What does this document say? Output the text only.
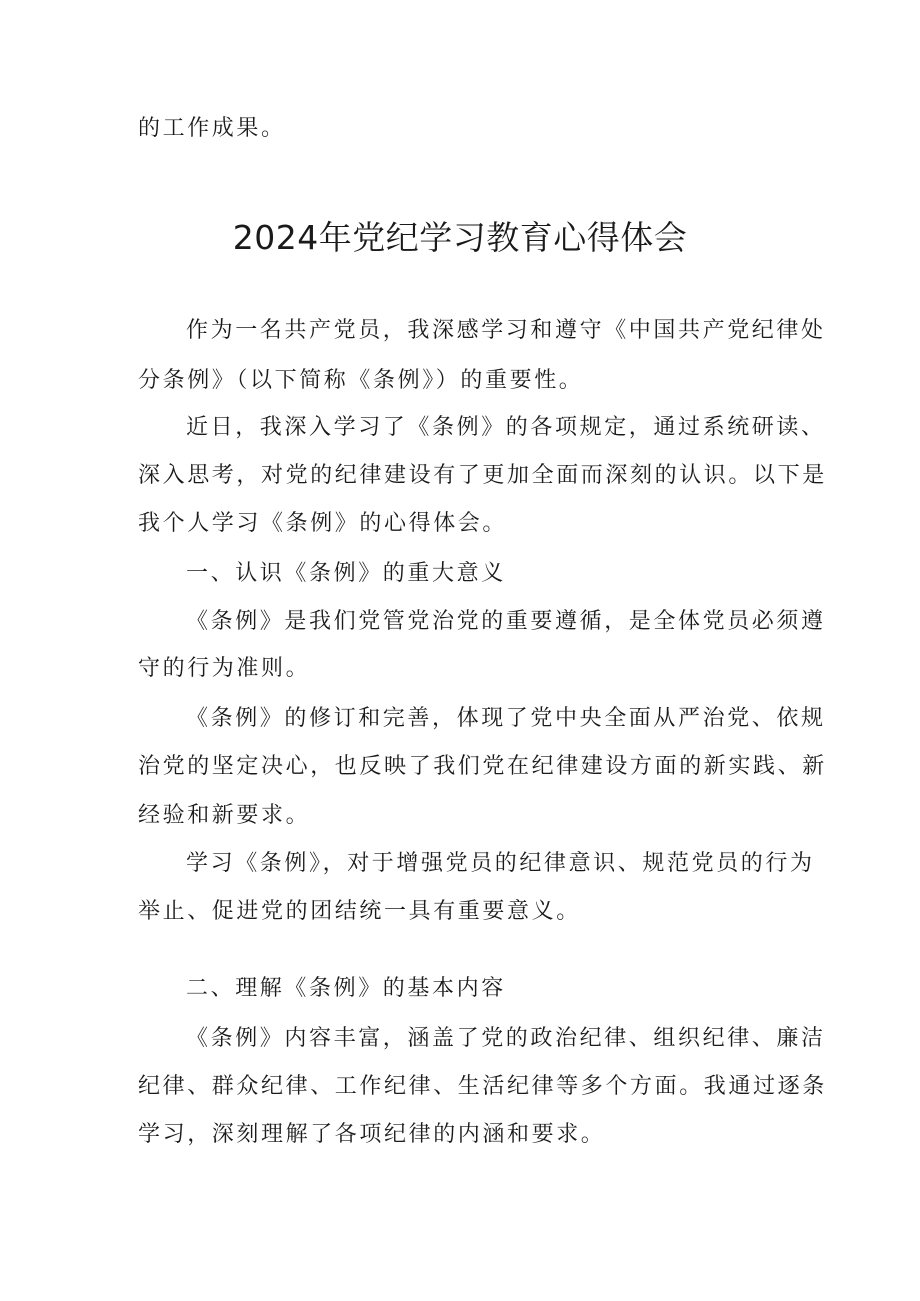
的工作成果。

2024年党纪学习教育心得体会

作为一名共产党员，我深感学习和遵守《中国共产党纪律处

分条例》（以下简称《条例》）的重要性。

近日，我深入学习了《条例》的各项规定，通过系统研读、

深入思考，对党的纪律建设有了更加全面而深刻的认识。以下是

我个人学习《条例》的心得体会。

一、认识《条例》的重大意义

《条例》是我们党管党治党的重要遵循，是全体党员必须遵

守的行为准则。

《条例》的修订和完善，体现了党中央全面从严治党、依规

治党的坚定决心，也反映了我们党在纪律建设方面的新实践、新

经验和新要求。

学习《条例》，对于增强党员的纪律意识、规范党员的行为

举止、促进党的团结统一具有重要意义。

二、理解《条例》的基本内容

《条例》内容丰富，涵盖了党的政治纪律、组织纪律、廉洁

纪律、群众纪律、工作纪律、生活纪律等多个方面。我通过逐条

学习，深刻理解了各项纪律的内涵和要求。
